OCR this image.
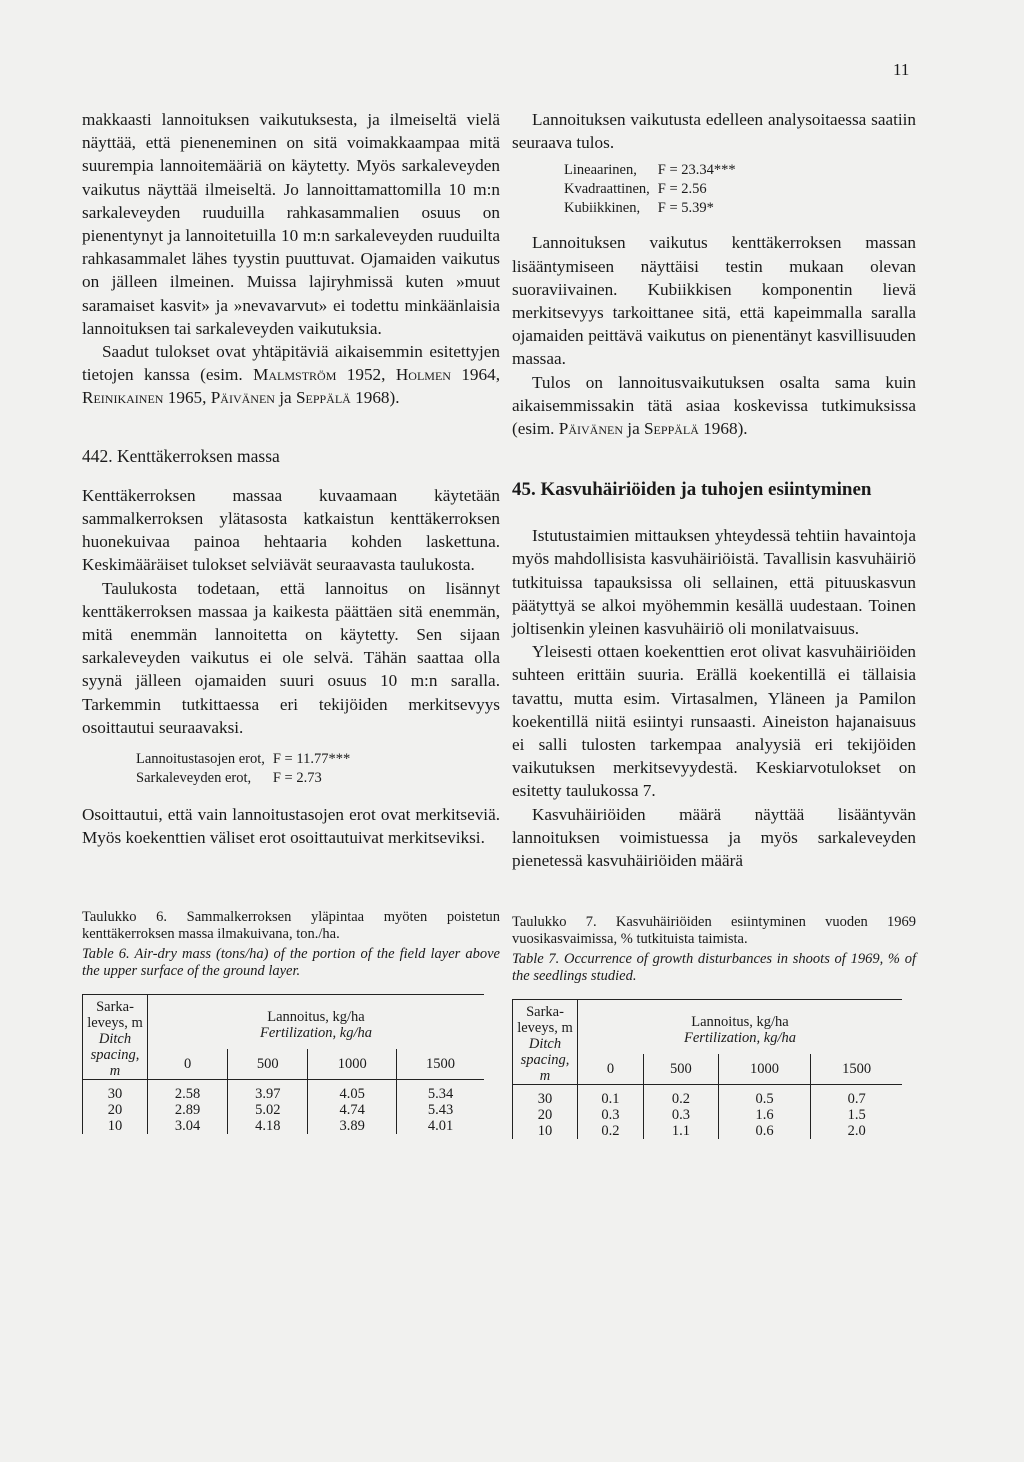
11

makkaasti lannoituksen vaikutuksesta, ja ilmeiseltä vielä näyttää, että pieneneminen on sitä voimakkaampaa mitä suurempia lannoitemääriä on käytetty. Myös sarkaleveyden vaikutus näyttää ilmeiseltä. Jo lannoittamattomilla 10 m:n sarkaleveyden ruuduilla rahkasammalien osuus on pienentynyt ja lannoitetuilla 10 m:n sarkaleveyden ruuduilta rahkasammalet lähes tyystin puuttuvat. Ojamaiden vaikutus on jälleen ilmeinen. Muissa lajiryhmissä kuten »muut saramaiset kasvit» ja »nevavarvut» ei todettu minkäänlaisia lannoituksen tai sarkaleveyden vaikutuksia.

Saadut tulokset ovat yhtäpitäviä aikaisemmin esitettyjen tietojen kanssa (esim. Malmström 1952, Holmen 1964, Reinikainen 1965, Päivänen ja Seppälä 1968).

442. Kenttäkerroksen massa

Kenttäkerroksen massaa kuvaamaan käytetään sammalkerroksen ylätasosta katkaistun kenttäkerroksen huonekuivaa painoa hehtaaria kohden laskettuna. Keskimääräiset tulokset selviävät seuraavasta taulukosta.

Taulukosta todetaan, että lannoitus on lisännyt kenttäkerroksen massaa ja kaikesta päättäen sitä enemmän, mitä enemmän lannoitetta on käytetty. Sen sijaan sarkaleveyden vaikutus ei ole selvä. Tähän saattaa olla syynä jälleen ojamaiden suuri osuus 10 m:n saralla. Tarkemmin tutkittaessa eri tekijöiden merkitsevyys osoittautui seuraavaksi.

Lannoitustasojen erot,	F = 11.77***
Sarkaleveyden erot,	F = 2.73

Osoittautui, että vain lannoitustasojen erot ovat merkitseviä. Myös koekenttien väliset erot osoittautuivat merkitseviksi.

Taulukko 6. Sammalkerroksen yläpintaa myöten poistetun kenttäkerroksen massa ilmakuivana, ton./ha.

Table 6. Air-dry mass (tons/ha) of the portion of the field layer above the upper surface of the ground layer.

Sarka-leveys, m
Ditch spacing, m	Lannoitus, kg/ha
Fertilization, kg/ha			
	0	500	1000	1500
30	2.58	3.97	4.05	5.34
20	2.89	5.02	4.74	5.43
10	3.04	4.18	3.89	4.01

Lannoituksen vaikutusta edelleen analysoitaessa saatiin seuraava tulos.

Lineaarinen,	F = 23.34***
Kvadraattinen,	F = 2.56
Kubiikkinen,	F = 5.39*

Lannoituksen vaikutus kenttäkerroksen massan lisääntymiseen näyttäisi testin mukaan olevan suoraviivainen. Kubiikkisen komponentin lievä merkitsevyys tarkoittanee sitä, että kapeimmalla saralla ojamaiden peittävä vaikutus on pienentänyt kasvillisuuden massaa.

Tulos on lannoitusvaikutuksen osalta sama kuin aikaisemmissakin tätä asiaa koskevissa tutkimuksissa (esim. Päivänen ja Seppälä 1968).

45. Kasvuhäiriöiden ja tuhojen esiintyminen

Istutustaimien mittauksen yhteydessä tehtiin havaintoja myös mahdollisista kasvuhäiriöistä. Tavallisin kasvuhäiriö tutkituissa tapauksissa oli sellainen, että pituuskasvun päätyttyä se alkoi myöhemmin kesällä uudestaan. Toinen joltisenkin yleinen kasvuhäiriö oli monilatvaisuus.

Yleisesti ottaen koekenttien erot olivat kasvuhäiriöiden suhteen erittäin suuria. Erällä koekentillä ei tällaisia tavattu, mutta esim. Virtasalmen, Yläneen ja Pamilon koekentillä niitä esiintyi runsaasti. Aineiston hajanaisuus ei salli tulosten tarkempaa analyysiä eri tekijöiden vaikutuksen merkitsevyydestä. Keskiarvotulokset on esitetty taulukossa 7.

Kasvuhäiriöiden määrä näyttää lisääntyvän lannoituksen voimistuessa ja myös sarkaleveyden pienetessä kasvuhäiriöiden määrä

Taulukko 7. Kasvuhäiriöiden esiintyminen vuoden 1969 vuosikasvaimissa, % tutkituista taimista.

Table 7. Occurrence of growth disturbances in shoots of 1969, % of the seedlings studied.

Sarka-leveys, m
Ditch spacing, m	Lannoitus, kg/ha
Fertilization, kg/ha			
	0	500	1000	1500
30	0.1	0.2	0.5	0.7
20	0.3	0.3	1.6	1.5
10	0.2	1.1	0.6	2.0
